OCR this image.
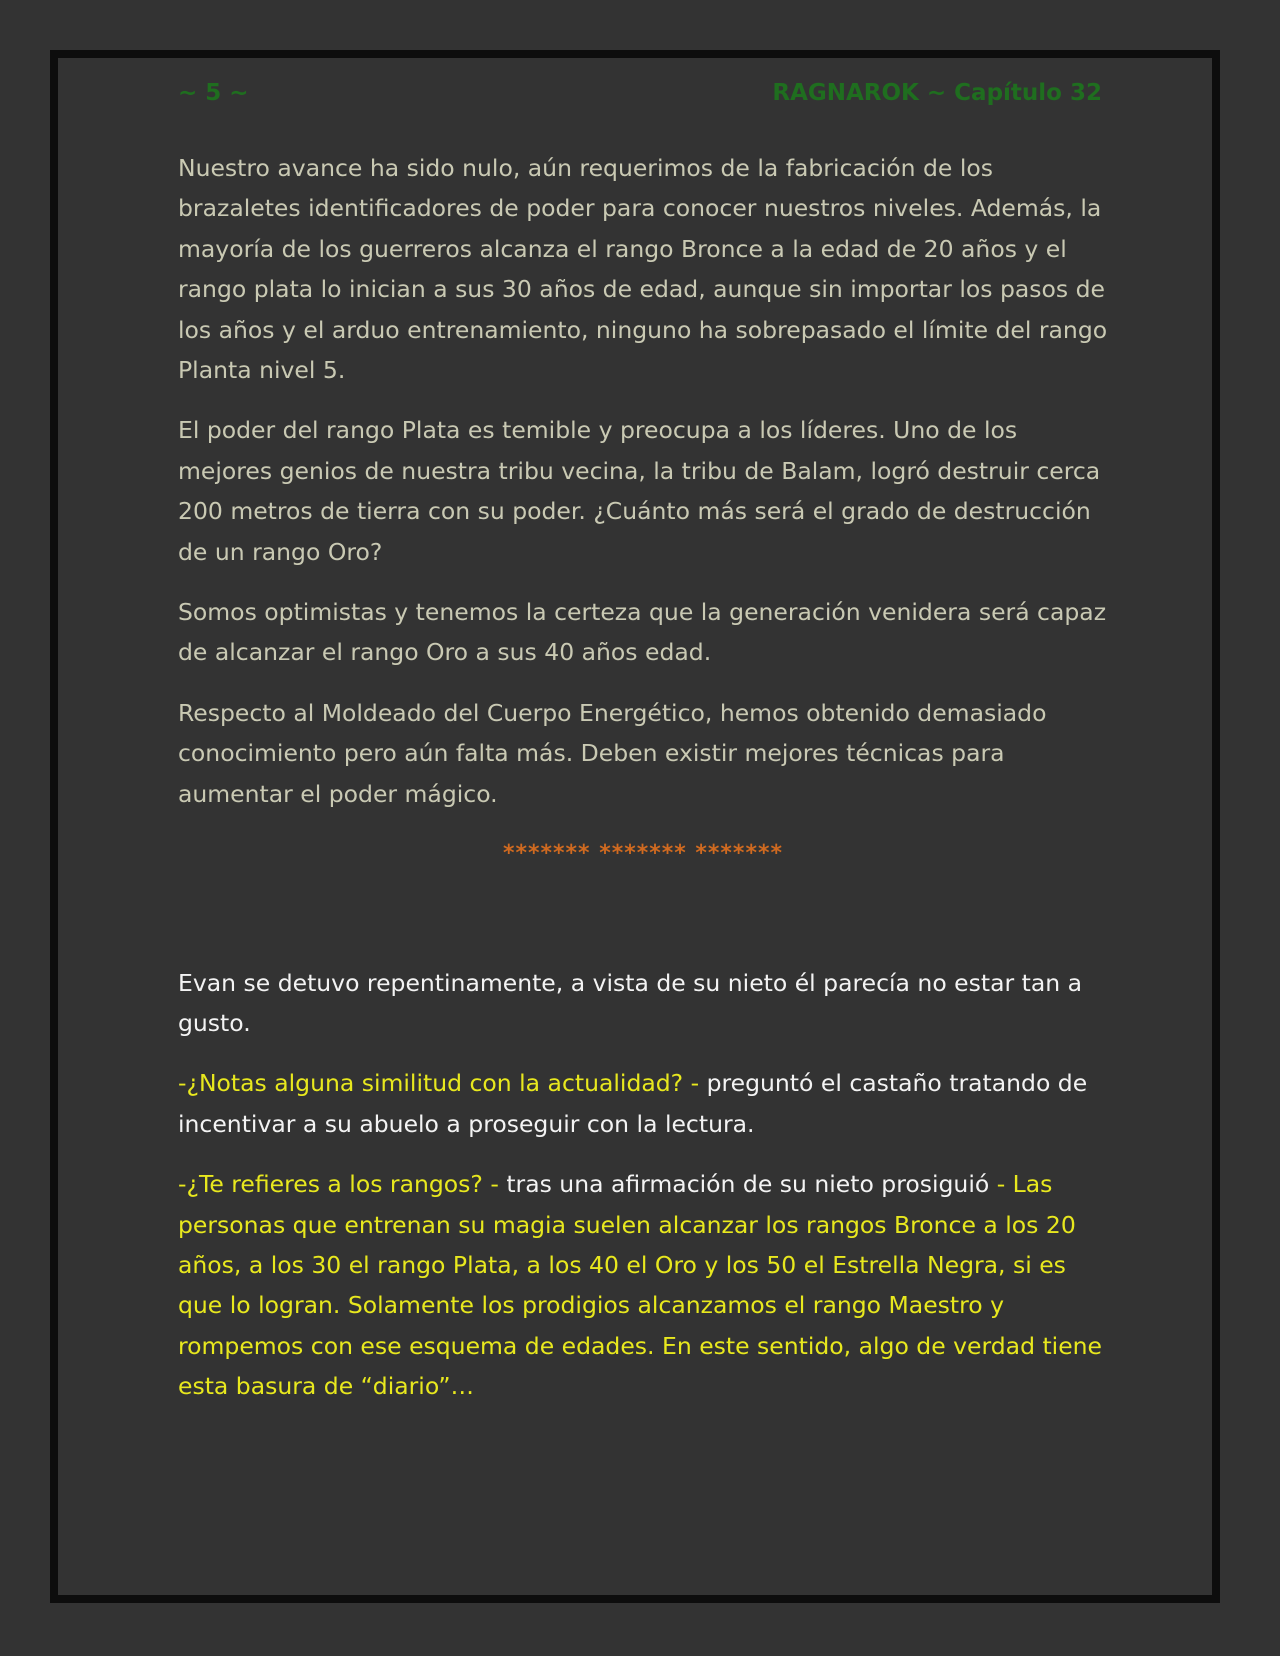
~ 5 ~	RAGNAROK ~ Capítulo 32

Nuestro avance ha sido nulo, aún requerimos de la fabricación de los brazaletes identificadores de poder para conocer nuestros niveles. Además, la mayoría de los guerreros alcanza el rango Bronce a la edad de 20 años y el rango plata lo inician a sus 30 años de edad, aunque sin importar los pasos de los años y el arduo entrenamiento, ninguno ha sobrepasado el límite del rango Planta nivel 5.

El poder del rango Plata es temible y preocupa a los líderes. Uno de los mejores genios de nuestra tribu vecina, la tribu de Balam, logró destruir cerca 200 metros de tierra con su poder. ¿Cuánto más será el grado de destrucción de un rango Oro?

Somos optimistas y tenemos la certeza que la generación venidera será capaz de alcanzar el rango Oro a sus 40 años edad.

Respecto al Moldeado del Cuerpo Energético, hemos obtenido demasiado conocimiento pero aún falta más. Deben existir mejores técnicas para aumentar el poder mágico.

******* ******* *******

Evan se detuvo repentinamente, a vista de su nieto él parecía no estar tan a gusto.

-¿Notas alguna similitud con la actualidad? - preguntó el castaño tratando de incentivar a su abuelo a proseguir con la lectura.

-¿Te refieres a los rangos? - tras una afirmación de su nieto prosiguió - Las personas que entrenan su magia suelen alcanzar los rangos Bronce a los 20 años, a los 30 el rango Plata, a los 40 el Oro y los 50 el Estrella Negra, si es que lo logran. Solamente los prodigios alcanzamos el rango Maestro y rompemos con ese esquema de edades. En este sentido, algo de verdad tiene esta basura de “diario”…
